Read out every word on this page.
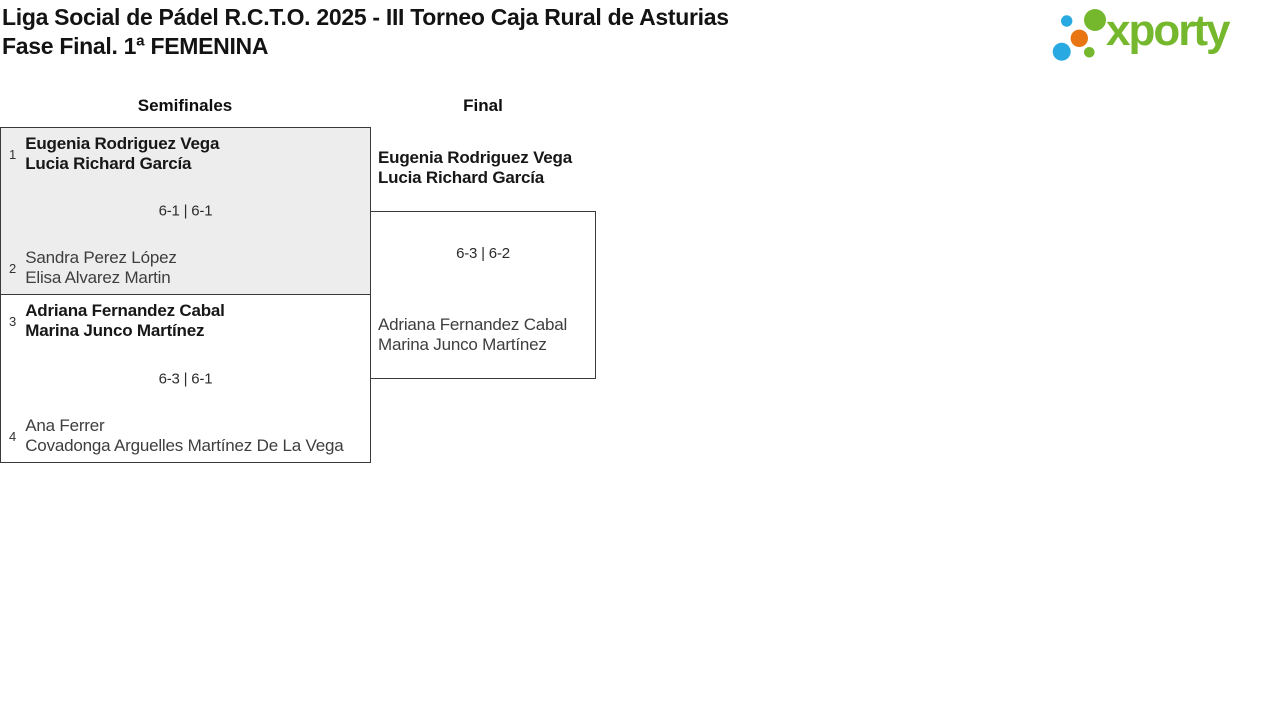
Liga Social de Pádel R.C.T.O. 2025 - III Torneo Caja Rural de Asturias
Fase Final. 1ª FEMENINA	xporty
Semifinales	Final
1
Eugenia Rodriguez Vega
Lucia Richard García
6-1 | 6-1
2
Sandra Perez López
Elisa Alvarez Martin
3
Adriana Fernandez Cabal
Marina Junco Martínez
6-3 | 6-1
4
Ana Ferrer
Covadonga Arguelles Martínez De La Vega
Eugenia Rodriguez Vega
Lucia Richard García
6-3 | 6-2
Adriana Fernandez Cabal
Marina Junco Martínez
